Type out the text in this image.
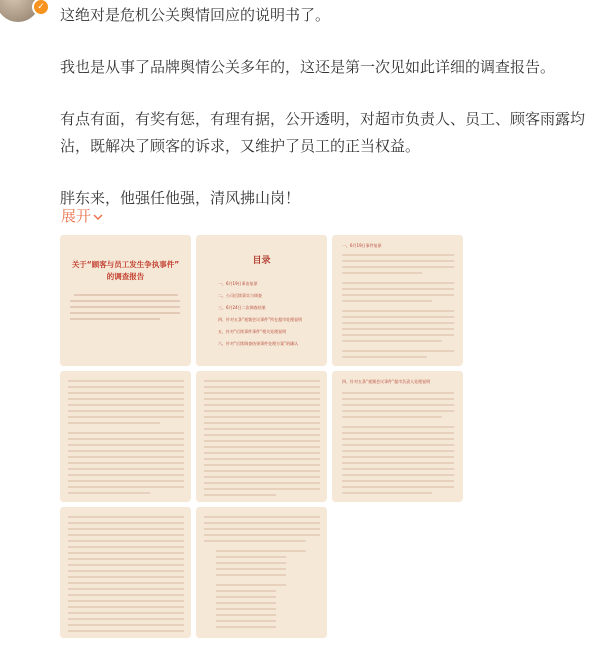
✓	这绝对是危机公关舆情回应的说明书了。

我也是从事了品牌舆情公关多年的，这还是第一次见如此详细的调查报告。

有点有面，有奖有惩，有理有据，公开透明，对超市负责人、员工、顾客雨露均沾，既解决了顾客的诉求，又维护了员工的正当权益。

胖东来，他强任他强，清风拂山岗！

展开
关于“顾客与员工发生争执事件”
的调查报告
目录
一、6月19日事由复原
二、公司后续事实与调查
三、6月24日二次调查结果
四、针对五条“视频会议事件”所在超市处理说明
五、针对“后续事件事件”相关处理说明
六、针对“后续调查结果事件处理方案”的确认
一、6月19日事件复原
四、针对五条“视频会议事件”超市负责人处理说明
